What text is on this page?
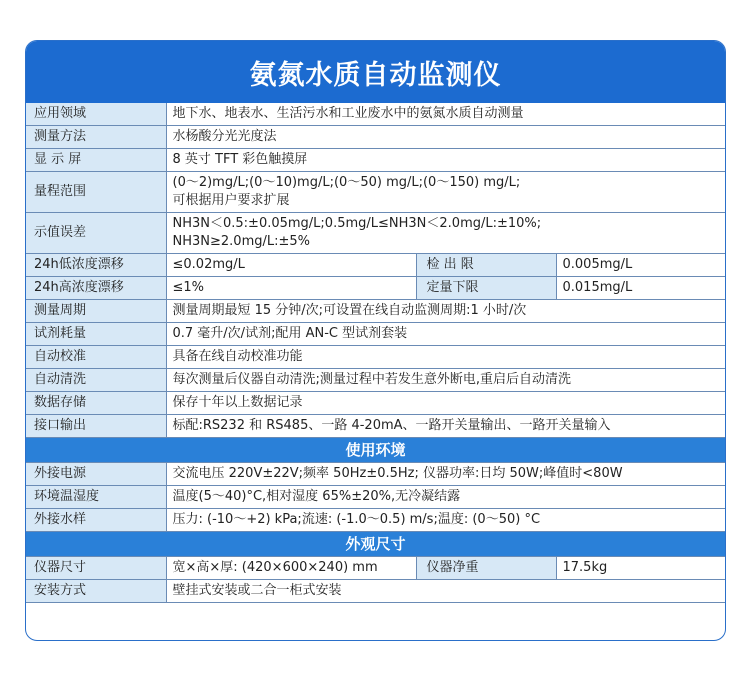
氨氮水质自动监测仪
应用领域	地下水、地表水、生活污水和工业废水中的氨氮水质自动测量		
测量方法	水杨酸分光光度法		
显 示 屏	8 英寸 TFT 彩色触摸屏		
量程范围	(0～2)mg/L;(0～10)mg/L;(0～50) mg/L;(0～150) mg/L;
可根据用户要求扩展		

示值误差	NH3N＜0.5:±0.05mg/L;0.5mg/L≤NH3N＜2.0mg/L:±10%;
NH3N≥2.0mg/L:±5%		

24h低浓度漂移	≤0.02mg/L	检 出 限	0.005mg/L
24h高浓度漂移	≤1%	定量下限	0.015mg/L
测量周期	测量周期最短 15 分钟/次;可设置在线自动监测周期:1 小时/次		
试剂耗量	0.7 毫升/次/试剂;配用 AN-C 型试剂套装		
自动校准	具备在线自动校准功能		
自动清洗	每次测量后仪器自动清洗;测量过程中若发生意外断电,重启后自动清洗		
数据存储	保存十年以上数据记录		
接口输出	标配:RS232 和 RS485、一路 4-20mA、一路开关量输出、一路开关量输入		
使用环境			
外接电源	交流电压 220V±22V;频率 50Hz±0.5Hz; 仪器功率:日均 50W;峰值时<80W		
环境温湿度	温度(5～40)°C,相对湿度 65%±20%,无冷凝结露		
外接水样	压力: (-10～+2) kPa;流速: (-1.0～0.5) m/s;温度: (0～50) °C		
外观尺寸			
仪器尺寸	宽×高×厚: (420×600×240) mm	仪器净重	17.5kg
安装方式	壁挂式安装或二合一柜式安装		
